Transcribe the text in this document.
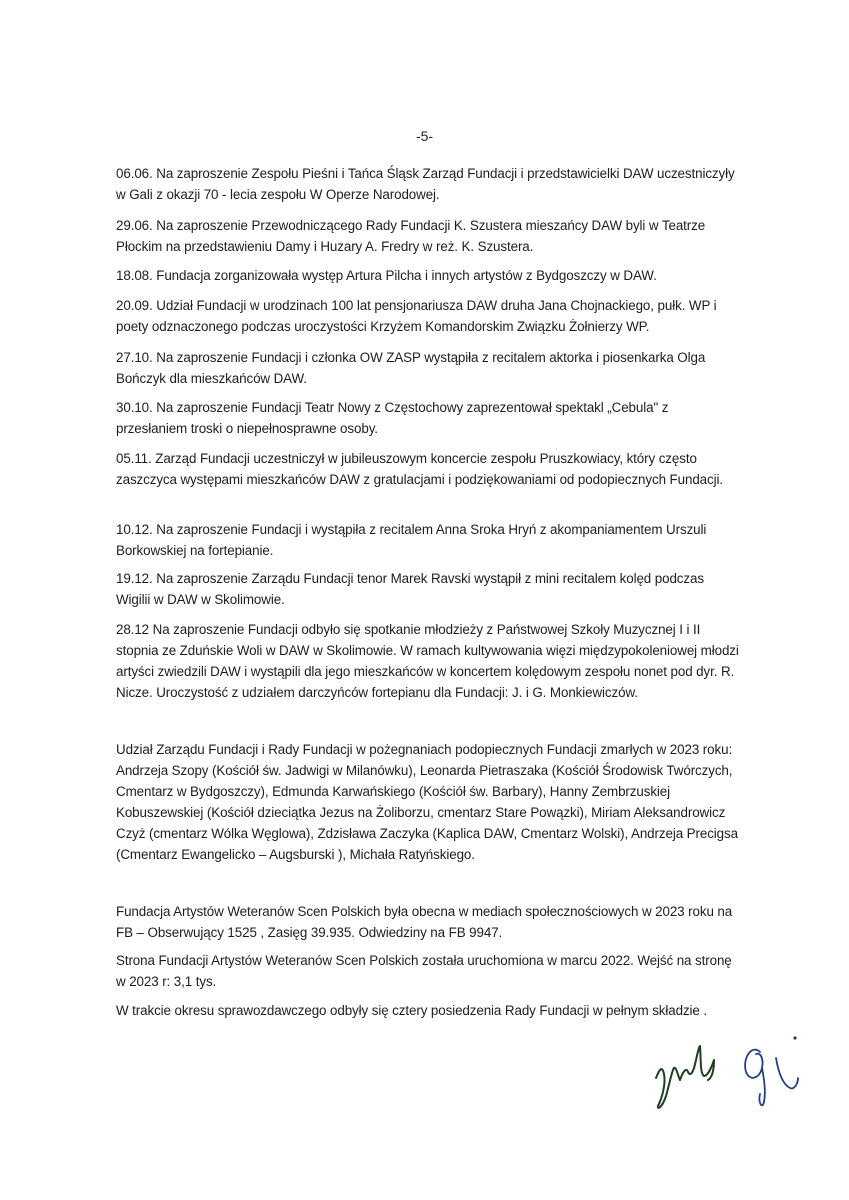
-5-

06.06. Na zaproszenie Zespołu Pieśni i Tańca Śląsk Zarząd Fundacji i przedstawicielki DAW uczestniczyły w Gali z okazji 70 - lecia zespołu W Operze Narodowej.

29.06. Na zaproszenie Przewodniczącego Rady Fundacji K. Szustera mieszańcy DAW byli w Teatrze Płockim na przedstawieniu Damy i Huzary A. Fredry w reż. K. Szustera.

18.08. Fundacja zorganizowała występ Artura Pilcha i innych artystów z Bydgoszczy w DAW.

20.09. Udział Fundacji w urodzinach 100 lat pensjonariusza DAW druha Jana Chojnackiego, pułk. WP i poety odznaczonego podczas uroczystości Krzyżem Komandorskim Związku Żołnierzy WP.

27.10. Na zaproszenie Fundacji i członka OW ZASP wystąpiła z recitalem aktorka i piosenkarka Olga Bończyk dla mieszkańców DAW.

30.10. Na zaproszenie Fundacji Teatr Nowy z Częstochowy zaprezentował spektakl „Cebula" z przesłaniem troski o niepełnosprawne osoby.

05.11. Zarząd Fundacji uczestniczył w jubileuszowym koncercie zespołu Pruszkowiacy, który często zaszczyca występami mieszkańców DAW z gratulacjami i podziękowaniami od podopiecznych Fundacji.

10.12. Na zaproszenie Fundacji i wystąpiła z recitalem Anna Sroka Hryń z akompaniamentem Urszuli Borkowskiej na fortepianie.

19.12. Na zaproszenie Zarządu Fundacji tenor Marek Ravski wystąpił z mini recitalem kolęd podczas Wigilii w DAW w Skolimowie.

28.12 Na zaproszenie Fundacji odbyło się spotkanie młodzieży z Państwowej Szkoły Muzycznej I i II stopnia ze Zduńskie Woli w DAW w Skolimowie. W ramach kultywowania więzi międzypokoleniowej młodzi artyści zwiedzili DAW i wystąpili dla jego mieszkańców w koncertem kolędowym zespołu nonet pod dyr. R. Nicze. Uroczystość z udziałem darczyńców fortepianu dla Fundacji: J. i G. Monkiewiczów.

Udział Zarządu Fundacji i Rady Fundacji w pożegnaniach podopiecznych Fundacji zmarłych w 2023 roku: Andrzeja Szopy (Kościół św. Jadwigi w Milanówku), Leonarda Pietraszaka (Kościół Środowisk Twórczych, Cmentarz w Bydgoszczy), Edmunda Karwańskiego (Kościół św. Barbary), Hanny Zembrzuskiej Kobuszewskiej (Kościół dzieciątka Jezus na Żoliborzu, cmentarz Stare Powązki), Miriam Aleksandrowicz Czyż (cmentarz Wólka Węglowa), Zdzisława Zaczyka (Kaplica DAW, Cmentarz Wolski), Andrzeja Precigsa (Cmentarz Ewangelicko – Augsburski ), Michała Ratyńskiego.

Fundacja Artystów Weteranów Scen Polskich była obecna w mediach społecznościowych w 2023 roku na FB – Obserwujący 1525 , Zasięg 39.935. Odwiedziny na FB 9947.

Strona Fundacji Artystów Weteranów Scen Polskich została uruchomiona w marcu 2022. Wejść na stronę w 2023 r: 3,1 tys.

W trakcie okresu sprawozdawczego odbyły się cztery posiedzenia Rady Fundacji w pełnym składzie .
